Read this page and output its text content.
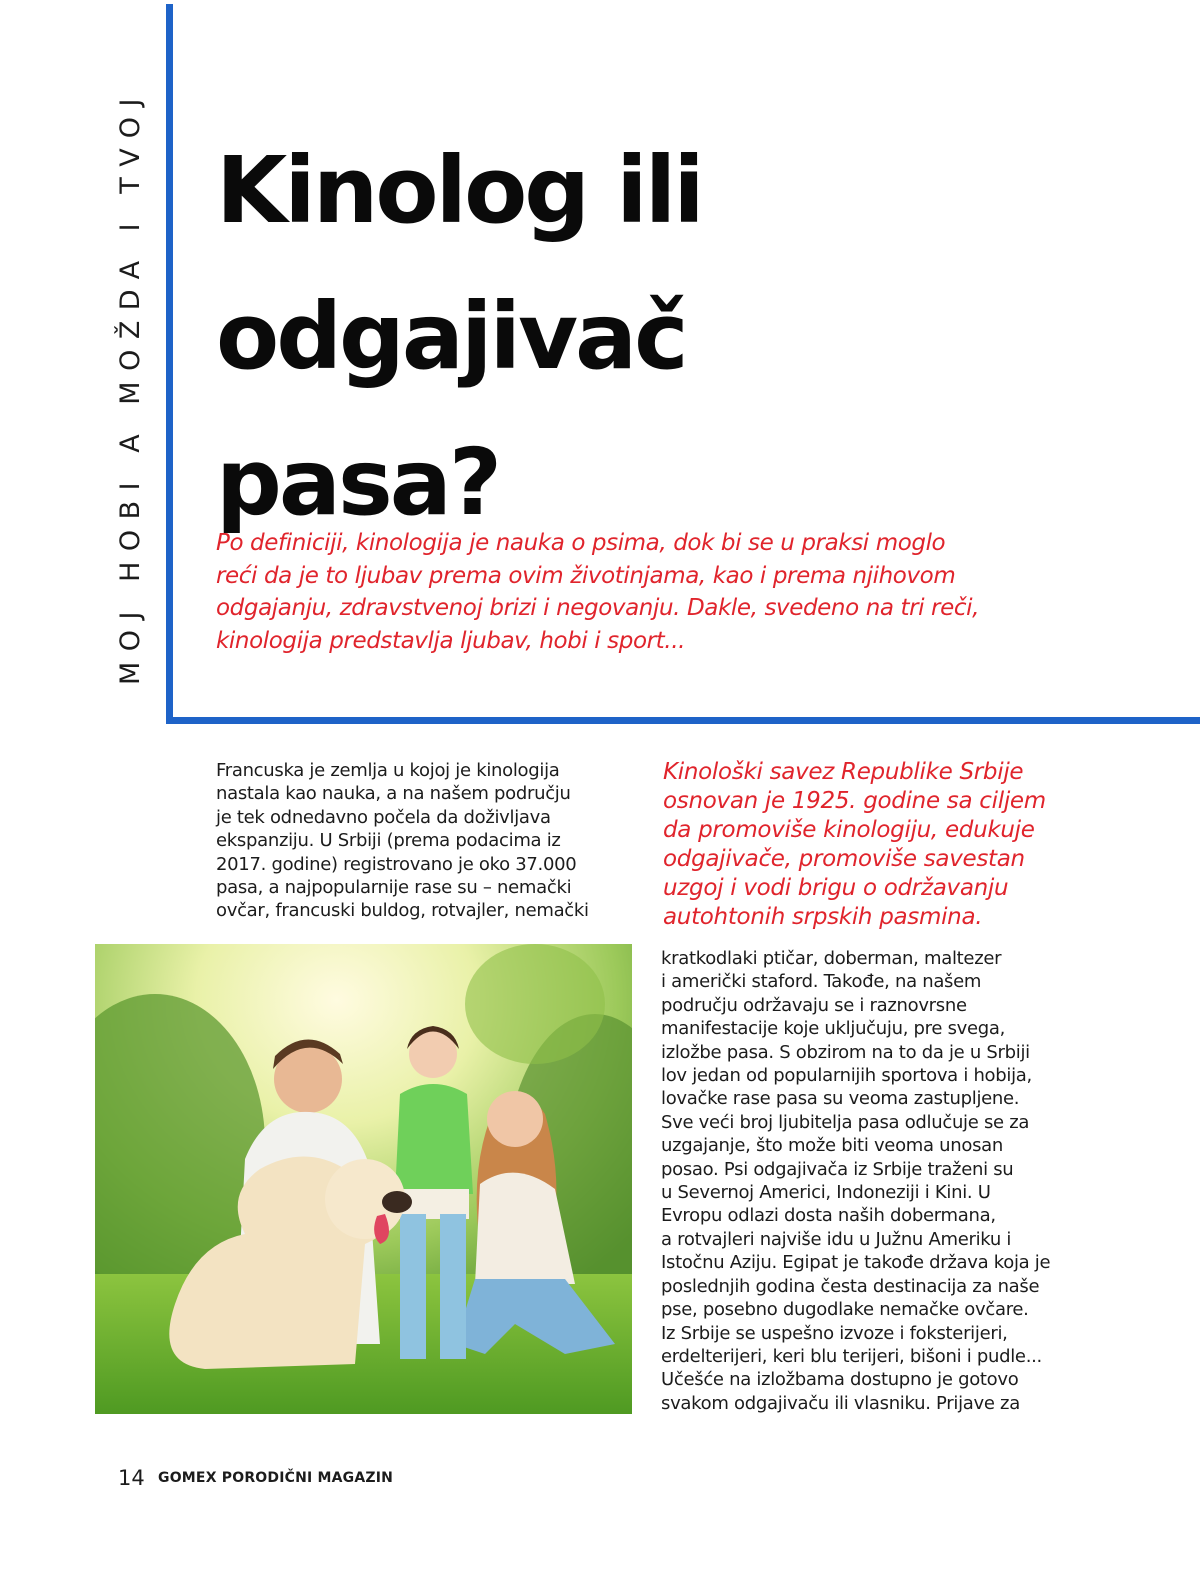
MOJ HOBI A MOŽDA I TVOJ Kinolog ili
odgajivač
pasa?
Po definiciji, kinologija je nauka o psima, dok bi se u praksi moglo
reći da je to ljubav prema ovim životinjama, kao i prema njihovom
odgajanju, zdravstvenoj brizi i negovanju. Dakle, svedeno na tri reči,
kinologija predstavlja ljubav, hobi i sport...
Francuska je zemlja u kojoj je kinologija
nastala kao nauka, a na našem području
je tek odnedavno počela da doživljava
ekspanziju. U Srbiji (prema podacima iz
2017. godine) registrovano je oko 37.000
pasa, a najpopularnije rase su – nemački
ovčar, francuski buldog, rotvajler, nemački
Kinološki savez Republike Srbije
osnovan je 1925. godine sa ciljem
da promoviše kinologiju, edukuje
odgajivače, promoviše savestan
uzgoj i vodi brigu o održavanju
autohtonih srpskih pasmina.
kratkodlaki ptičar, doberman, maltezer
i američki staford. Takođe, na našem
području održavaju se i raznovrsne
manifestacije koje uključuju, pre svega,
izložbe pasa. S obzirom na to da je u Srbiji
lov jedan od popularnijih sportova i hobija,
lovačke rase pasa su veoma zastupljene.
Sve veći broj ljubitelja pasa odlučuje se za
uzgajanje, što može biti veoma unosan
posao. Psi odgajivača iz Srbije traženi su
u Severnoj Americi, Indoneziji i Kini. U
Evropu odlazi dosta naših dobermana,
a rotvajleri najviše idu u Južnu Ameriku i
Istočnu Aziju. Egipat je takođe država koja je
poslednjih godina česta destinacija za naše
pse, posebno dugodlake nemačke ovčare.
Iz Srbije se uspešno izvoze i foksterijeri,
erdelterijeri, keri blu terijeri, bišoni i pudle...
Učešće na izložbama dostupno je gotovo
svakom odgajivaču ili vlasniku. Prijave za
14 GOMEX PORODIČNI MAGAZIN
